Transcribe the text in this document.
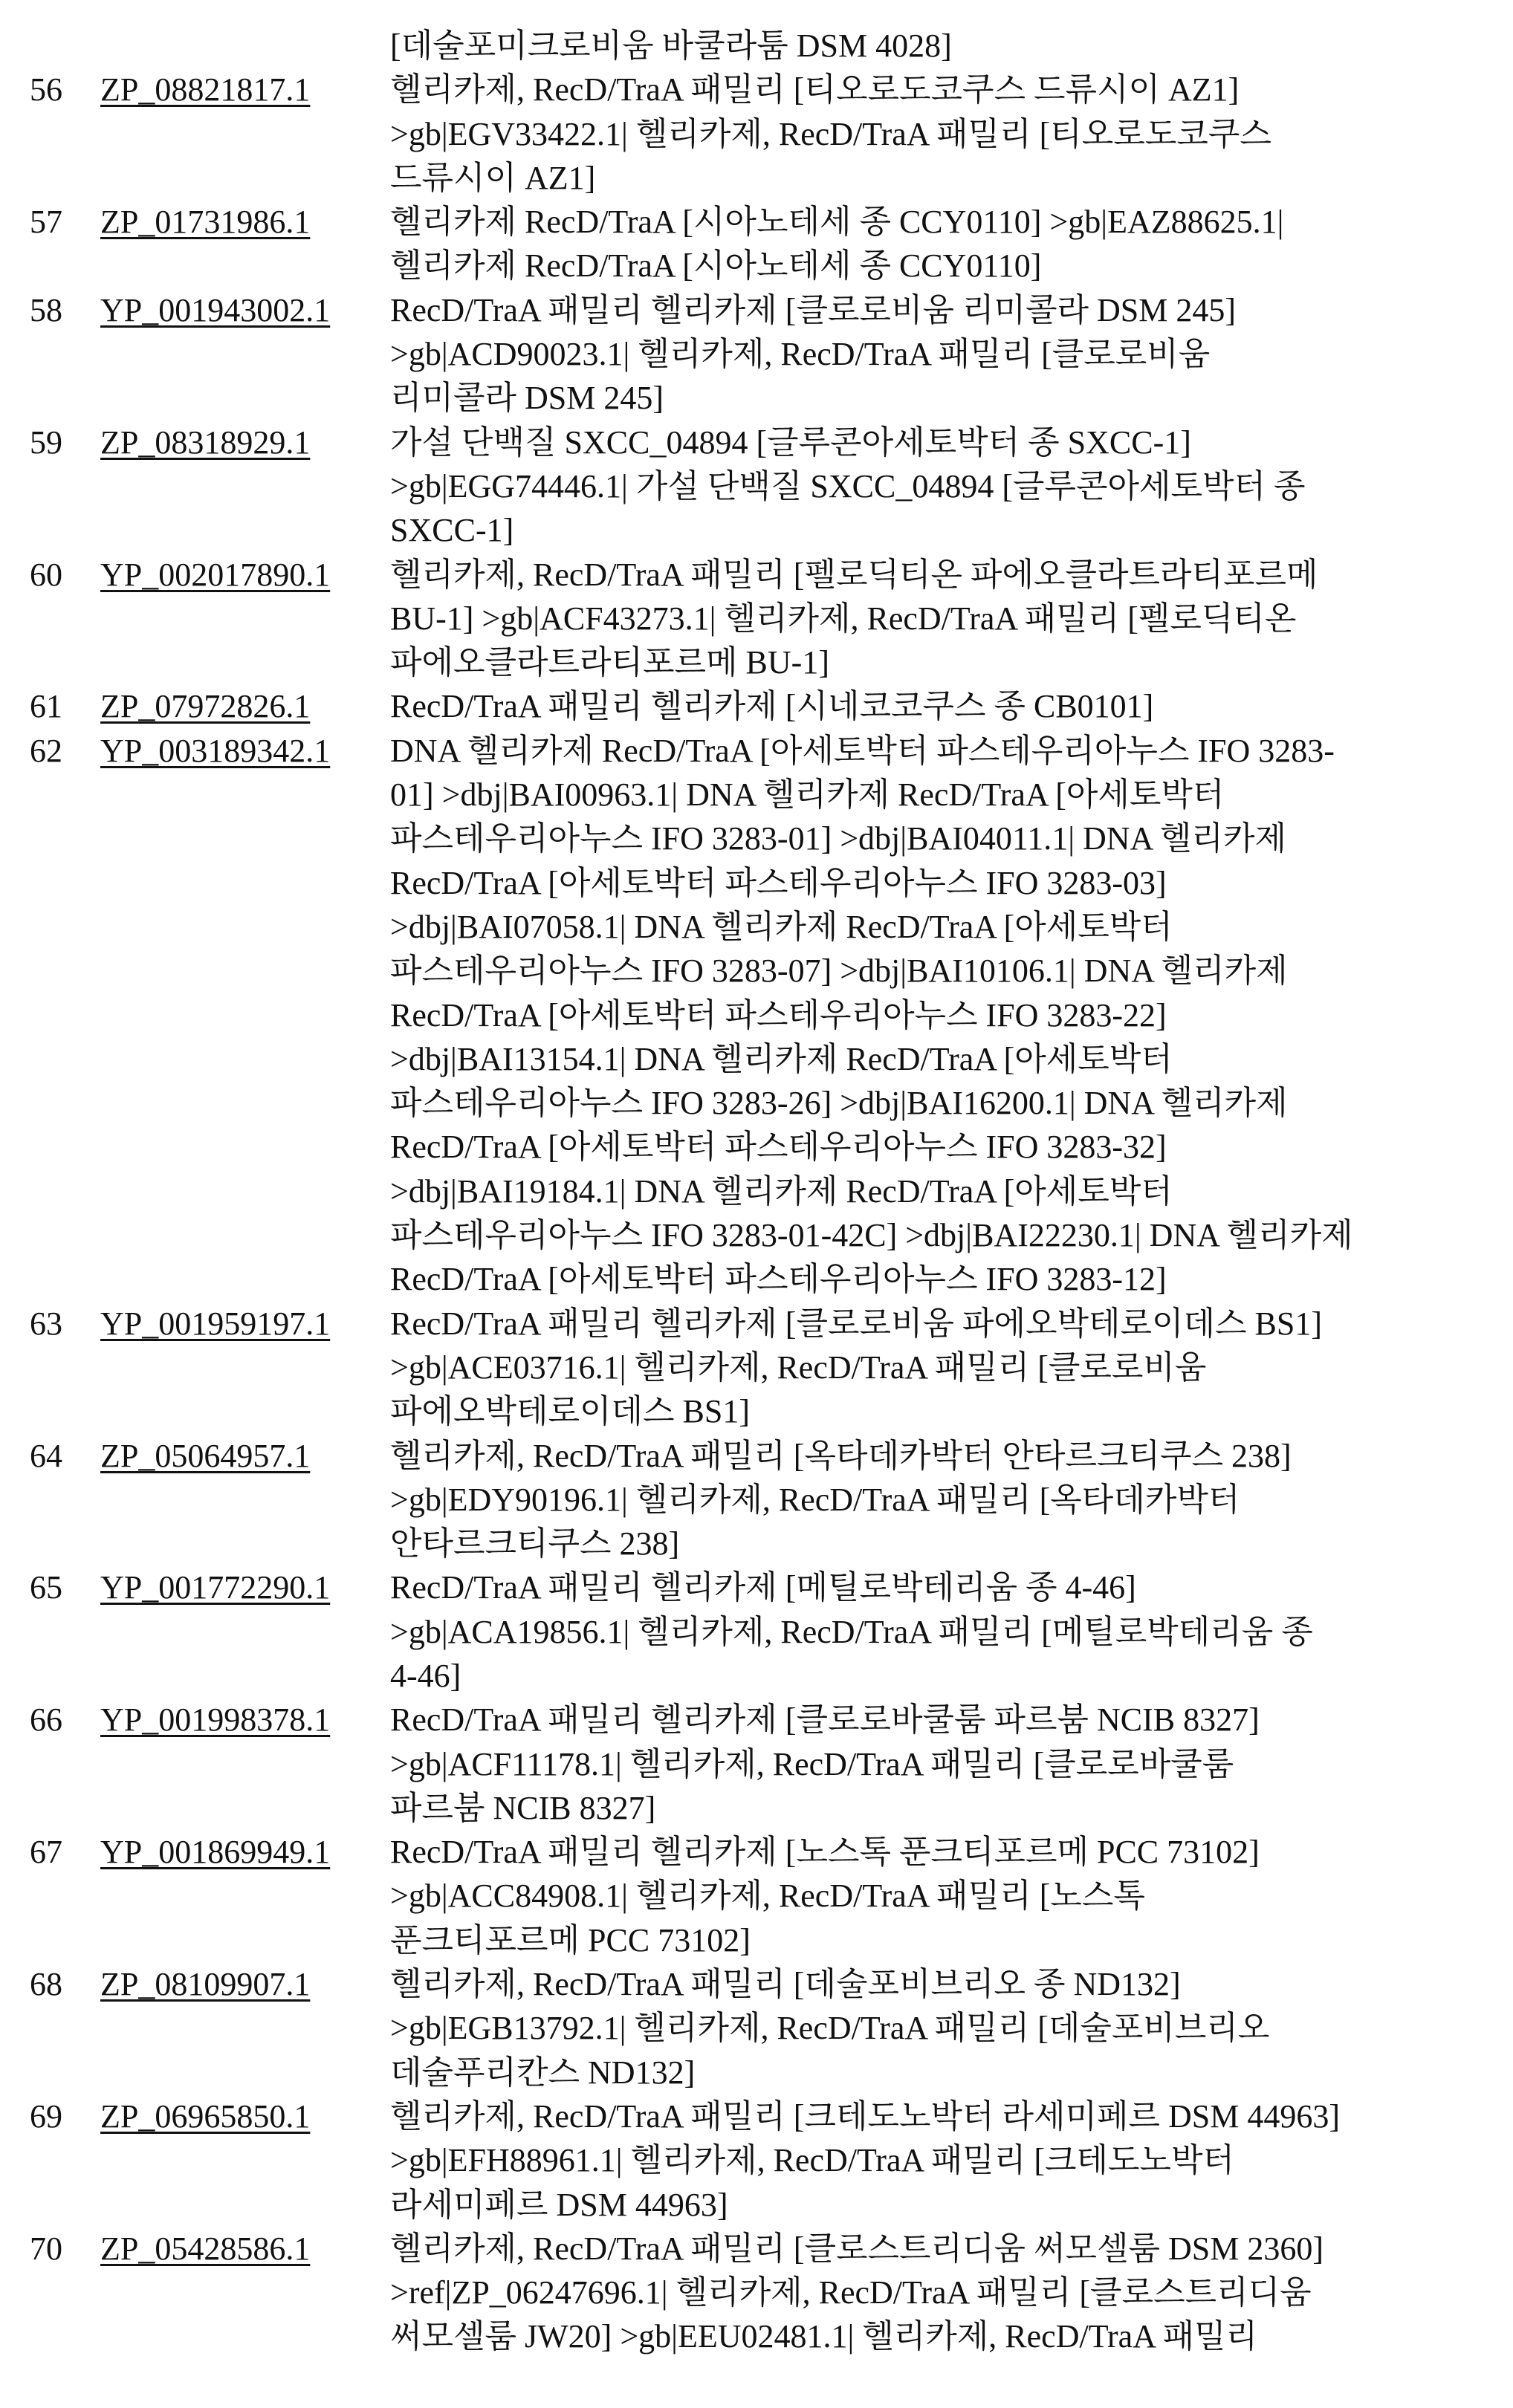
[데술포미크로비움 바쿨라툼 DSM 4028]
56 ZP_08821817.1 헬리카제, RecD/TraA 패밀리 [티오로도코쿠스 드류시이 AZ1]
>gb|EGV33422.1| 헬리카제, RecD/TraA 패밀리 [티오로도코쿠스
드류시이 AZ1]
57 ZP_01731986.1 헬리카제 RecD/TraA [시아노테세 종 CCY0110] >gb|EAZ88625.1|
헬리카제 RecD/TraA [시아노테세 종 CCY0110]
58 YP_001943002.1 RecD/TraA 패밀리 헬리카제 [클로로비움 리미콜라 DSM 245]
>gb|ACD90023.1| 헬리카제, RecD/TraA 패밀리 [클로로비움
리미콜라 DSM 245]
59 ZP_08318929.1 가설 단백질 SXCC_04894 [글루콘아세토박터 종 SXCC-1]
>gb|EGG74446.1| 가설 단백질 SXCC_04894 [글루콘아세토박터 종
SXCC-1]
60 YP_002017890.1 헬리카제, RecD/TraA 패밀리 [펠로딕티온 파에오클라트라티포르메
BU-1] >gb|ACF43273.1| 헬리카제, RecD/TraA 패밀리 [펠로딕티온
파에오클라트라티포르메 BU-1]
61 ZP_07972826.1 RecD/TraA 패밀리 헬리카제 [시네코코쿠스 종 CB0101]
62 YP_003189342.1 DNA 헬리카제 RecD/TraA [아세토박터 파스테우리아누스 IFO 3283-
01] >dbj|BAI00963.1| DNA 헬리카제 RecD/TraA [아세토박터
파스테우리아누스 IFO 3283-01] >dbj|BAI04011.1| DNA 헬리카제
RecD/TraA [아세토박터 파스테우리아누스 IFO 3283-03]
>dbj|BAI07058.1| DNA 헬리카제 RecD/TraA [아세토박터
파스테우리아누스 IFO 3283-07] >dbj|BAI10106.1| DNA 헬리카제
RecD/TraA [아세토박터 파스테우리아누스 IFO 3283-22]
>dbj|BAI13154.1| DNA 헬리카제 RecD/TraA [아세토박터
파스테우리아누스 IFO 3283-26] >dbj|BAI16200.1| DNA 헬리카제
RecD/TraA [아세토박터 파스테우리아누스 IFO 3283-32]
>dbj|BAI19184.1| DNA 헬리카제 RecD/TraA [아세토박터
파스테우리아누스 IFO 3283-01-42C] >dbj|BAI22230.1| DNA 헬리카제
RecD/TraA [아세토박터 파스테우리아누스 IFO 3283-12]
63 YP_001959197.1 RecD/TraA 패밀리 헬리카제 [클로로비움 파에오박테로이데스 BS1]
>gb|ACE03716.1| 헬리카제, RecD/TraA 패밀리 [클로로비움
파에오박테로이데스 BS1]
64 ZP_05064957.1 헬리카제, RecD/TraA 패밀리 [옥타데카박터 안타르크티쿠스 238]
>gb|EDY90196.1| 헬리카제, RecD/TraA 패밀리 [옥타데카박터
안타르크티쿠스 238]
65 YP_001772290.1 RecD/TraA 패밀리 헬리카제 [메틸로박테리움 종 4-46]
>gb|ACA19856.1| 헬리카제, RecD/TraA 패밀리 [메틸로박테리움 종
4-46]
66 YP_001998378.1 RecD/TraA 패밀리 헬리카제 [클로로바쿨룸 파르붐 NCIB 8327]
>gb|ACF11178.1| 헬리카제, RecD/TraA 패밀리 [클로로바쿨룸
파르붐 NCIB 8327]
67 YP_001869949.1 RecD/TraA 패밀리 헬리카제 [노스톡 푼크티포르메 PCC 73102]
>gb|ACC84908.1| 헬리카제, RecD/TraA 패밀리 [노스톡
푼크티포르메 PCC 73102]
68 ZP_08109907.1 헬리카제, RecD/TraA 패밀리 [데술포비브리오 종 ND132]
>gb|EGB13792.1| 헬리카제, RecD/TraA 패밀리 [데술포비브리오
데술푸리칸스 ND132]
69 ZP_06965850.1 헬리카제, RecD/TraA 패밀리 [크테도노박터 라세미페르 DSM 44963]
>gb|EFH88961.1| 헬리카제, RecD/TraA 패밀리 [크테도노박터
라세미페르 DSM 44963]
70 ZP_05428586.1 헬리카제, RecD/TraA 패밀리 [클로스트리디움 써모셀룸 DSM 2360]
>ref|ZP_06247696.1| 헬리카제, RecD/TraA 패밀리 [클로스트리디움
써모셀룸 JW20] >gb|EEU02481.1| 헬리카제, RecD/TraA 패밀리
